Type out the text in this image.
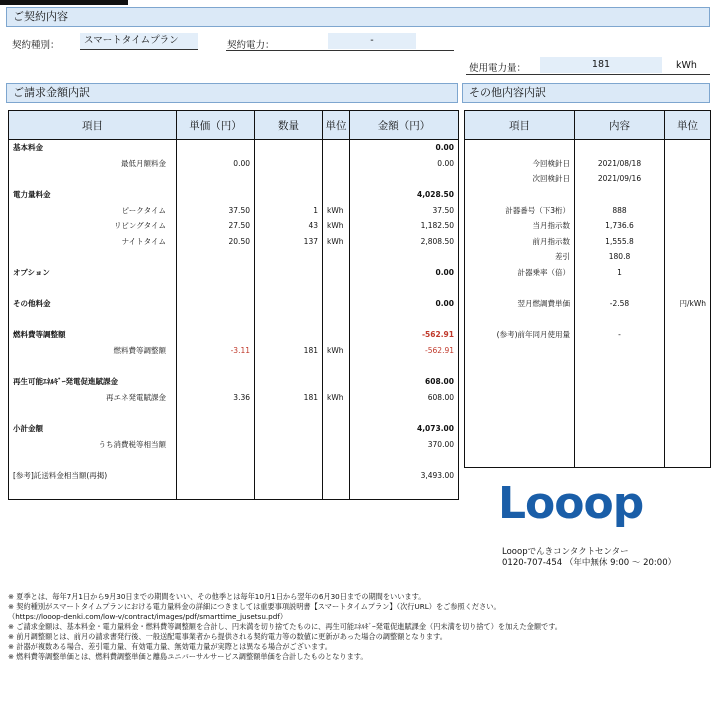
ご契約内容
契約種別：	スマートタイムプラン	契約電力：	-
使用電力量：	181	kWh
ご請求金額内訳
項目	単価（円）	数量	単位	金額（円）
基本料金				0.00
最低月額料金	0.00			0.00

電力量料金				4,028.50
ピークタイム	37.50	1	kWh	37.50
リビングタイム	27.50	43	kWh	1,182.50
ナイトタイム	20.50	137	kWh	2,808.50

オプション				0.00

その他料金				0.00

燃料費等調整額				-562.91
燃料費等調整額	-3.11	181	kWh	-562.91

再生可能ｴﾈﾙｷﾞｰ発電促進賦課金				608.00
再エネ発電賦課金	3.36	181	kWh	608.00

小計金額				4,073.00
うち消費税等相当額				370.00

[参考]託送料金相当額(再掲)				3,493.00

その他内容内訳
項目	内容	単位

今回検針日	2021/08/18	
次回検針日	2021/09/16	

計器番号（下3桁）	888	
当月指示数	1,736.6	
前月指示数	1,555.8	
差引	180.8	
計器乗率（倍）	1	

翌月燃調費単価	-2.58	円/kWh

(参考)前年同月使用量	-	

Looop
Looopでんきコンタクトセンター
0120-707-454 （年中無休 9:00 ～ 20:00）
※ 夏季とは、毎年7月1日から9月30日までの期間をいい、その他季とは毎年10月1日から翌年の6月30日までの期間をいいます。
※ 契約種別がスマートタイムプランにおける電力量料金の詳細につきましては重要事項説明書【スマートタイムプラン】（次行URL）をご参照ください。
（https://looop-denki.com/low-v/contract/images/pdf/smarttime_jusetsu.pdf）
※ ご請求金額は、基本料金・電力量料金・燃料費等調整額を合計し、円未満を切り捨てたものに、再生可能ｴﾈﾙｷﾞｰ発電促進賦課金（円未満を切り捨て）を加えた金額です。
※ 前月調整額とは、前月の請求書発行後、一般送配電事業者から提供される契約電力等の数値に更新があった場合の調整額となります。
※ 計器が複数ある場合、差引電力量、有効電力量、無効電力量が実際とは異なる場合がございます。
※ 燃料費等調整単価とは、燃料費調整単価と離島ユニバーサルサービス調整額単価を合計したものとなります。
